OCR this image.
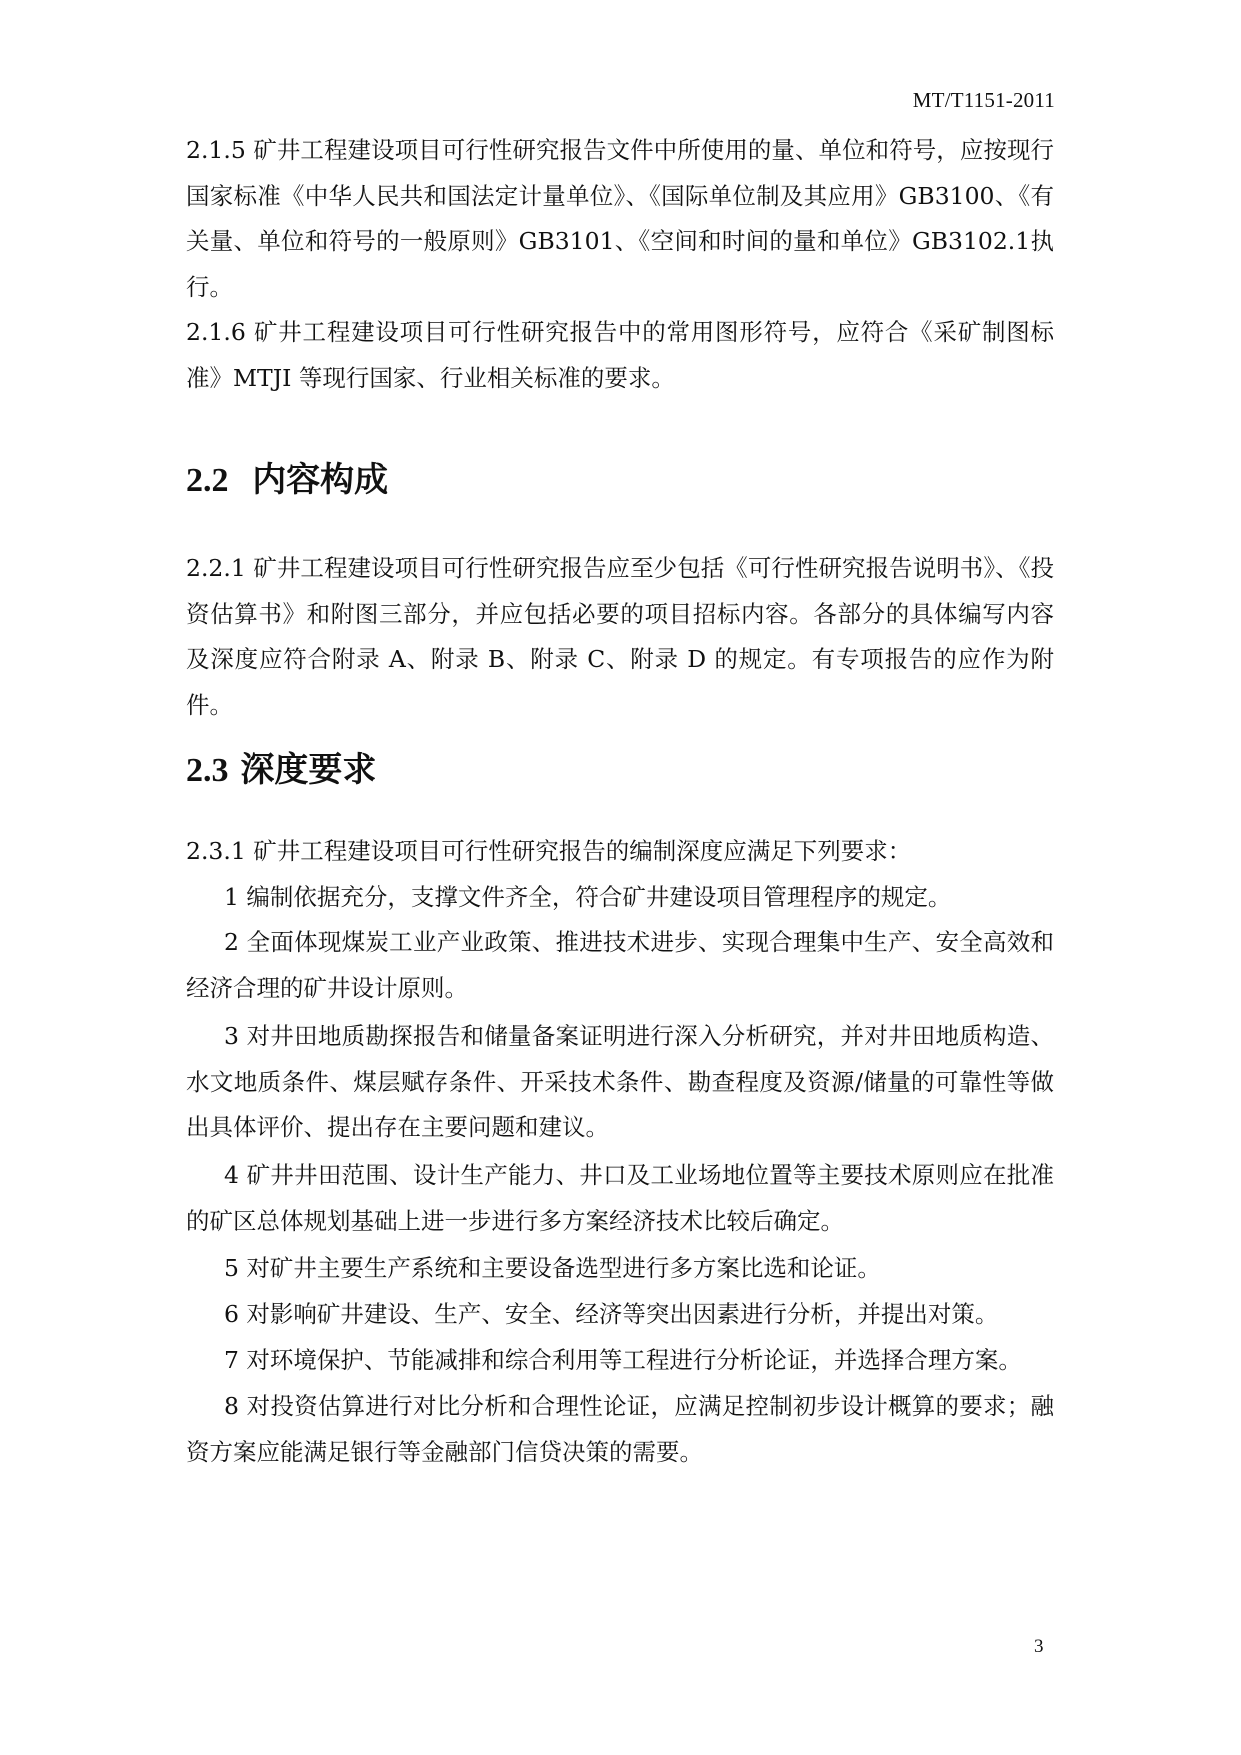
MT/T1151-2011

2.1.5 矿井工程建设项目可行性研究报告文件中所使用的量、单位和符号，应按现行国家标准《中华人民共和国法定计量单位》、《国际单位制及其应用》GB3100、《有关量、单位和符号的一般原则》GB3101、《空间和时间的量和单位》GB3102.1执行。

2.1.6 矿井工程建设项目可行性研究报告中的常用图形符号，应符合《采矿制图标准》MTJI 等现行国家、行业相关标准的要求。

2.2 内容构成

2.2.1 矿井工程建设项目可行性研究报告应至少包括《可行性研究报告说明书》、《投资估算书》和附图三部分，并应包括必要的项目招标内容。各部分的具体编写内容及深度应符合附录 A、附录 B、附录 C、附录 D 的规定。有专项报告的应作为附件。

2.3 深度要求

2.3.1 矿井工程建设项目可行性研究报告的编制深度应满足下列要求：

1 编制依据充分，支撑文件齐全，符合矿井建设项目管理程序的规定。

2 全面体现煤炭工业产业政策、推进技术进步、实现合理集中生产、安全高效和经济合理的矿井设计原则。

3 对井田地质勘探报告和储量备案证明进行深入分析研究，并对井田地质构造、水文地质条件、煤层赋存条件、开采技术条件、勘查程度及资源/储量的可靠性等做出具体评价、提出存在主要问题和建议。

4 矿井井田范围、设计生产能力、井口及工业场地位置等主要技术原则应在批准的矿区总体规划基础上进一步进行多方案经济技术比较后确定。

5 对矿井主要生产系统和主要设备选型进行多方案比选和论证。

6 对影响矿井建设、生产、安全、经济等突出因素进行分析，并提出对策。

7 对环境保护、节能减排和综合利用等工程进行分析论证，并选择合理方案。

8 对投资估算进行对比分析和合理性论证，应满足控制初步设计概算的要求；融资方案应能满足银行等金融部门信贷决策的需要。

3
